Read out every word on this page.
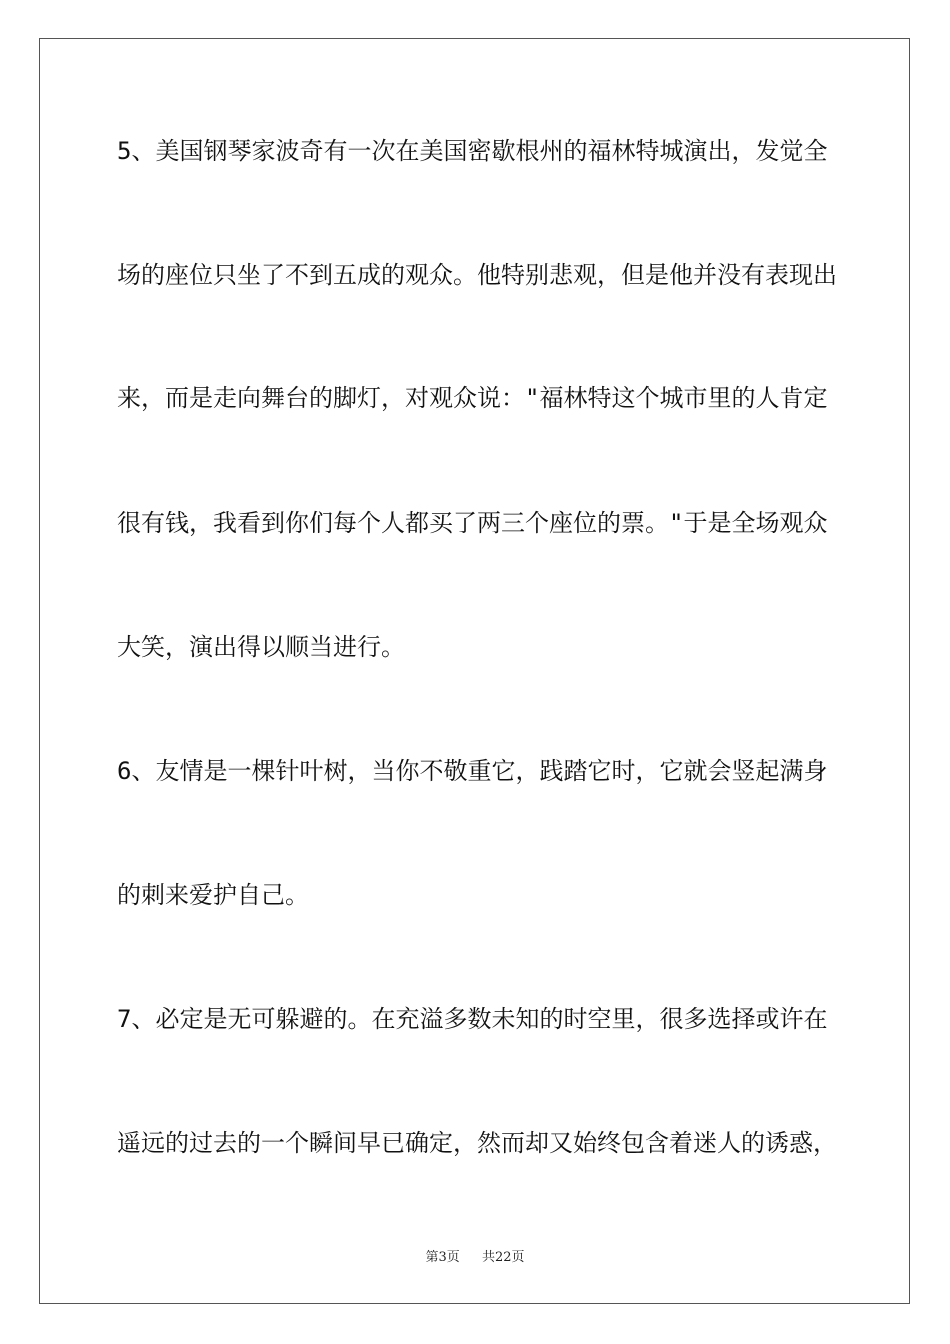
5、美国钢琴家波奇有一次在美国密歇根州的福林特城演出，发觉全

场的座位只坐了不到五成的观众。他特别悲观，但是他并没有表现出

来，而是走向舞台的脚灯，对观众说："福林特这个城市里的人肯定

很有钱，我看到你们每个人都买了两三个座位的票。"于是全场观众

大笑，演出得以顺当进行。

6、友情是一棵针叶树，当你不敬重它，践踏它时，它就会竖起满身

的刺来爱护自己。

7、必定是无可躲避的。在充溢多数未知的时空里，很多选择或许在

遥远的过去的一个瞬间早已确定，然而却又始终包含着迷人的诱惑，

第3页 共22页
